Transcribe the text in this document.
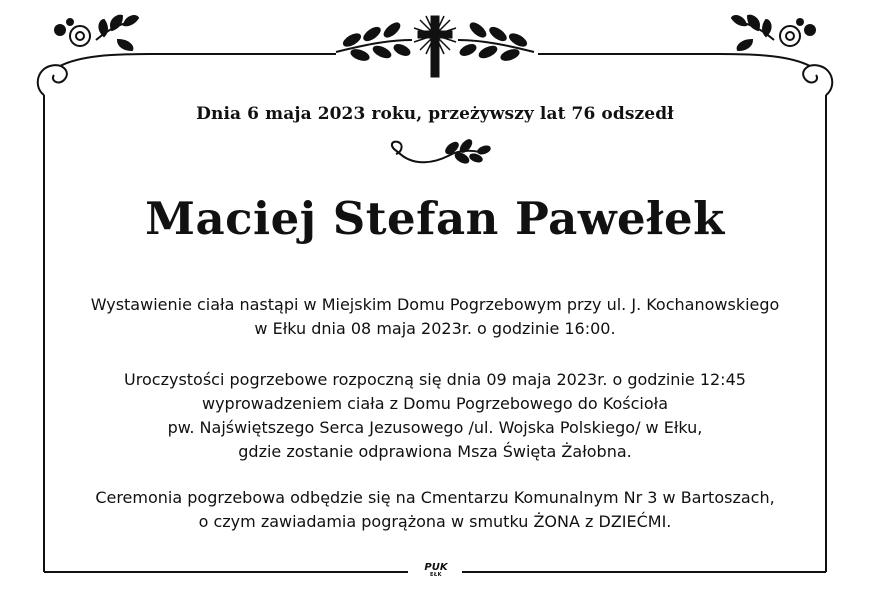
Dnia 6 maja 2023 roku, przeżywszy lat 76 odszedł
Maciej Stefan Pawełek
Wystawienie ciała nastąpi w Miejskim Domu Pogrzebowym przy ul. J. Kochanowskiego
w Ełku dnia 08 maja 2023r. o godzinie 16:00.
Uroczystości pogrzebowe rozpoczną się dnia 09 maja 2023r. o godzinie 12:45
wyprowadzeniem ciała z Domu Pogrzebowego do Kościoła
pw. Najświętszego Serca Jezusowego /ul. Wojska Polskiego/ w Ełku,
gdzie zostanie odprawiona Msza Święta Żałobna.
Ceremonia pogrzebowa odbędzie się na Cmentarzu Komunalnym Nr 3 w Bartoszach,
o czym zawiadamia pogrążona w smutku ŻONA z DZIEĆMI.
PUK
EŁK
